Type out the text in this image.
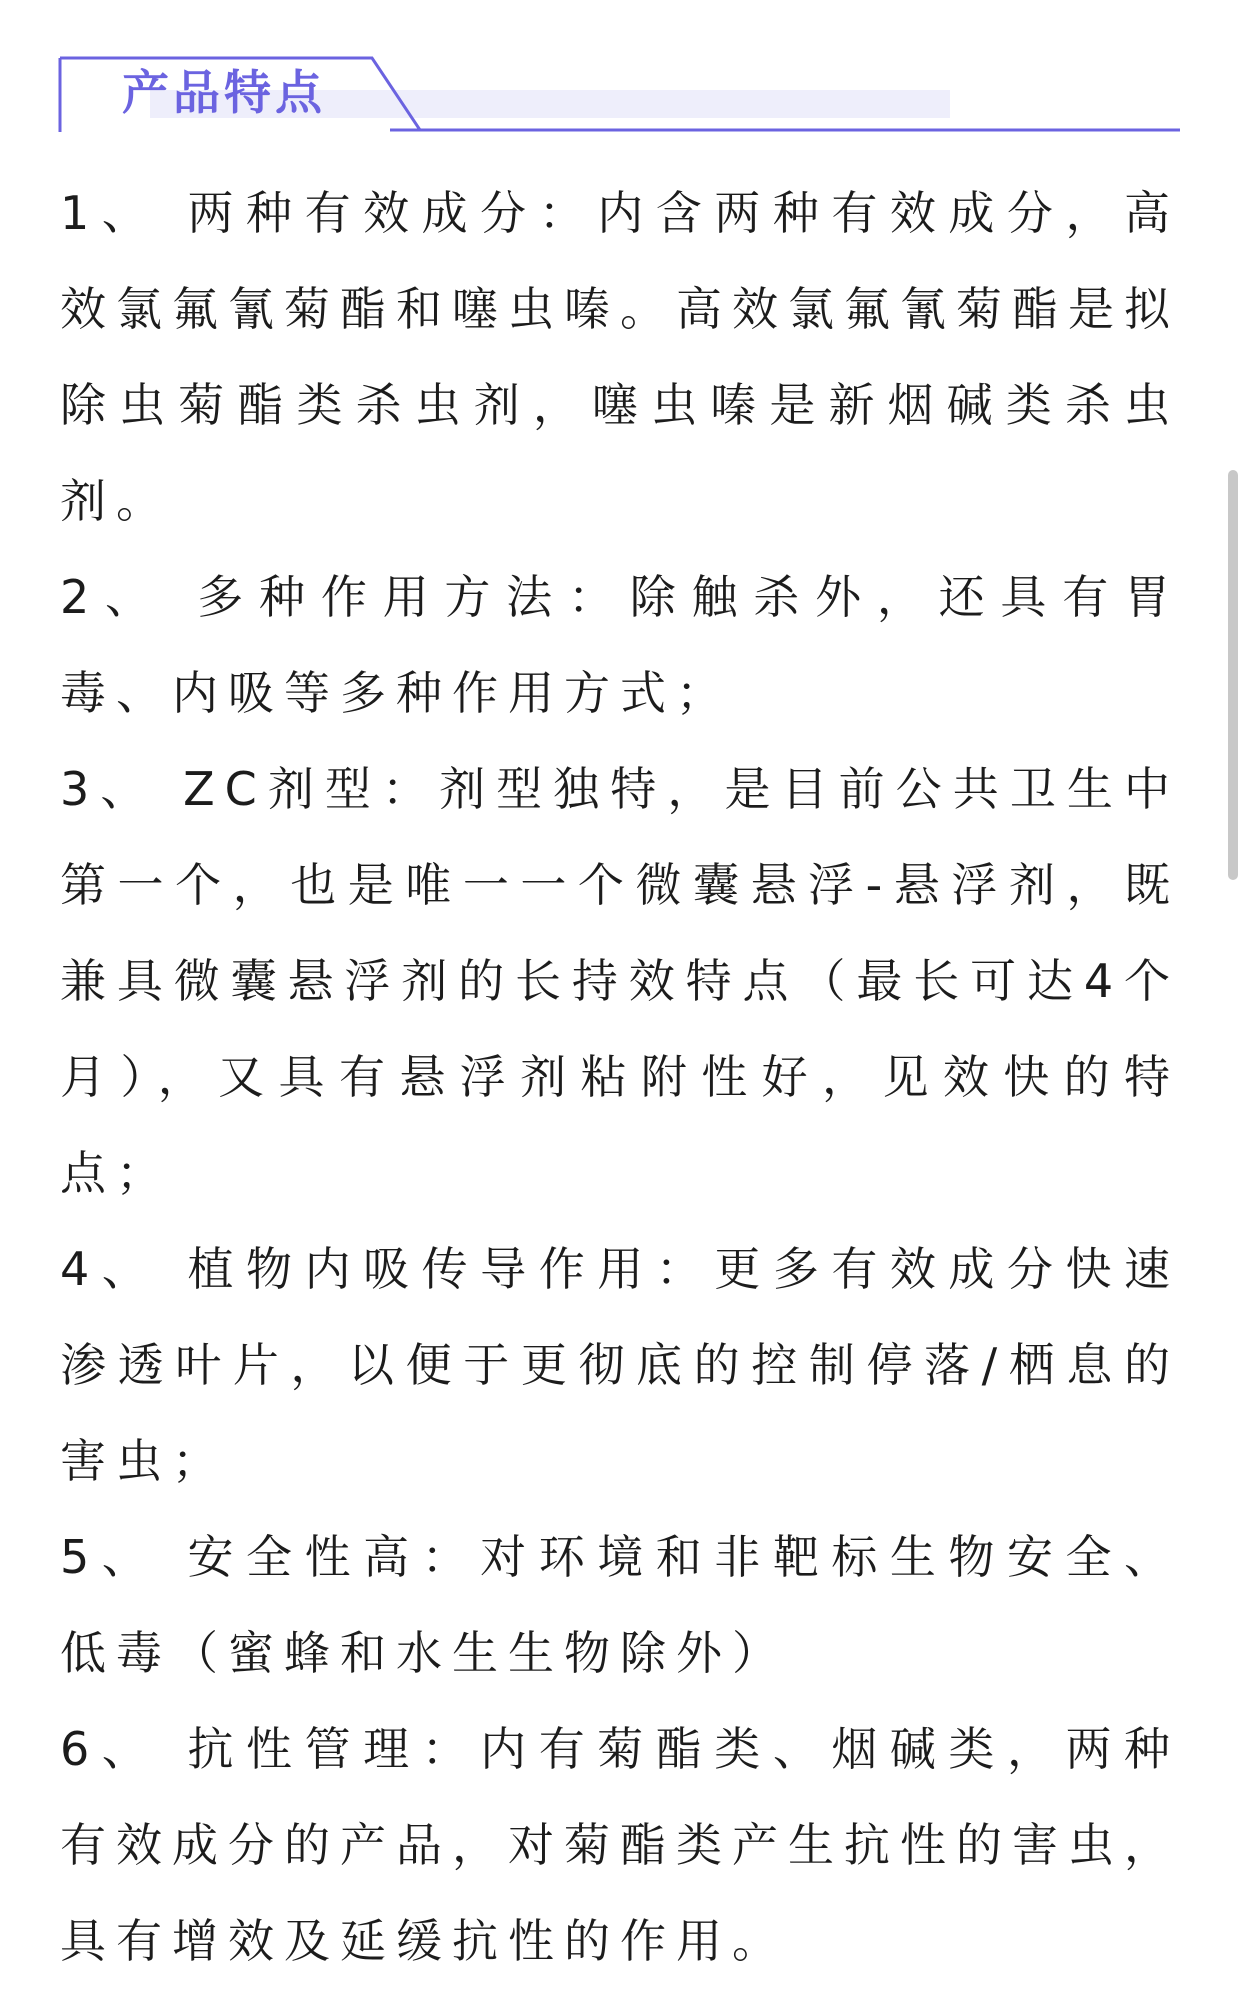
产品特点

1、 两种有效成分：内含两种有效成分，高效氯氟氰菊酯和噻虫嗪。高效氯氟氰菊酯是拟除虫菊酯类杀虫剂，噻虫嗪是新烟碱类杀虫剂。

2、 多种作用方法：除触杀外，还具有胃毒、内吸等多种作用方式；

3、 ZC剂型：剂型独特，是目前公共卫生中第一个，也是唯一一个微囊悬浮-悬浮剂，既兼具微囊悬浮剂的长持效特点（最长可达4个月），又具有悬浮剂粘附性好，见效快的特点；

4、 植物内吸传导作用：更多有效成分快速渗透叶片，以便于更彻底的控制停落/栖息的害虫；

5、 安全性高：对环境和非靶标生物安全、低毒（蜜蜂和水生生物除外）

6、 抗性管理：内有菊酯类、烟碱类，两种有效成分的产品，对菊酯类产生抗性的害虫，具有增效及延缓抗性的作用。
